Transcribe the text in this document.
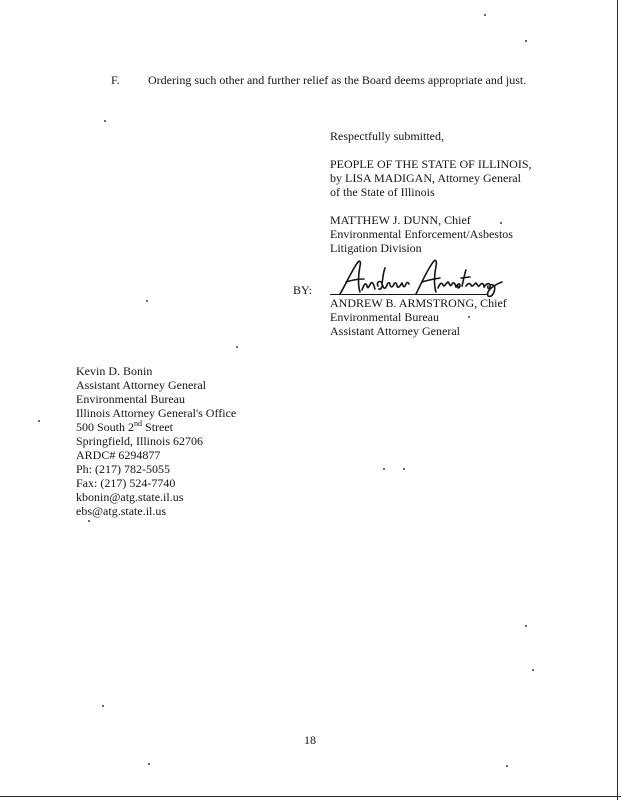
F. Ordering such other and further relief as the Board deems appropriate and just.
Respectfully submitted,
PEOPLE OF THE STATE OF ILLINOIS,
by LISA MADIGAN, Attorney General
of the State of Illinois
MATTHEW J. DUNN, Chief
Environmental Enforcement/Asbestos
Litigation Division
BY:
ANDREW B. ARMSTRONG, Chief
Environmental Bureau
Assistant Attorney General
Kevin D. Bonin
Assistant Attorney General
Environmental Bureau
Illinois Attorney General's Office
500 South 2nd Street
Springfield, Illinois 62706
ARDC# 6294877
Ph: (217) 782-5055
Fax: (217) 524-7740
kbonin@atg.state.il.us
ebs@atg.state.il.us
18
